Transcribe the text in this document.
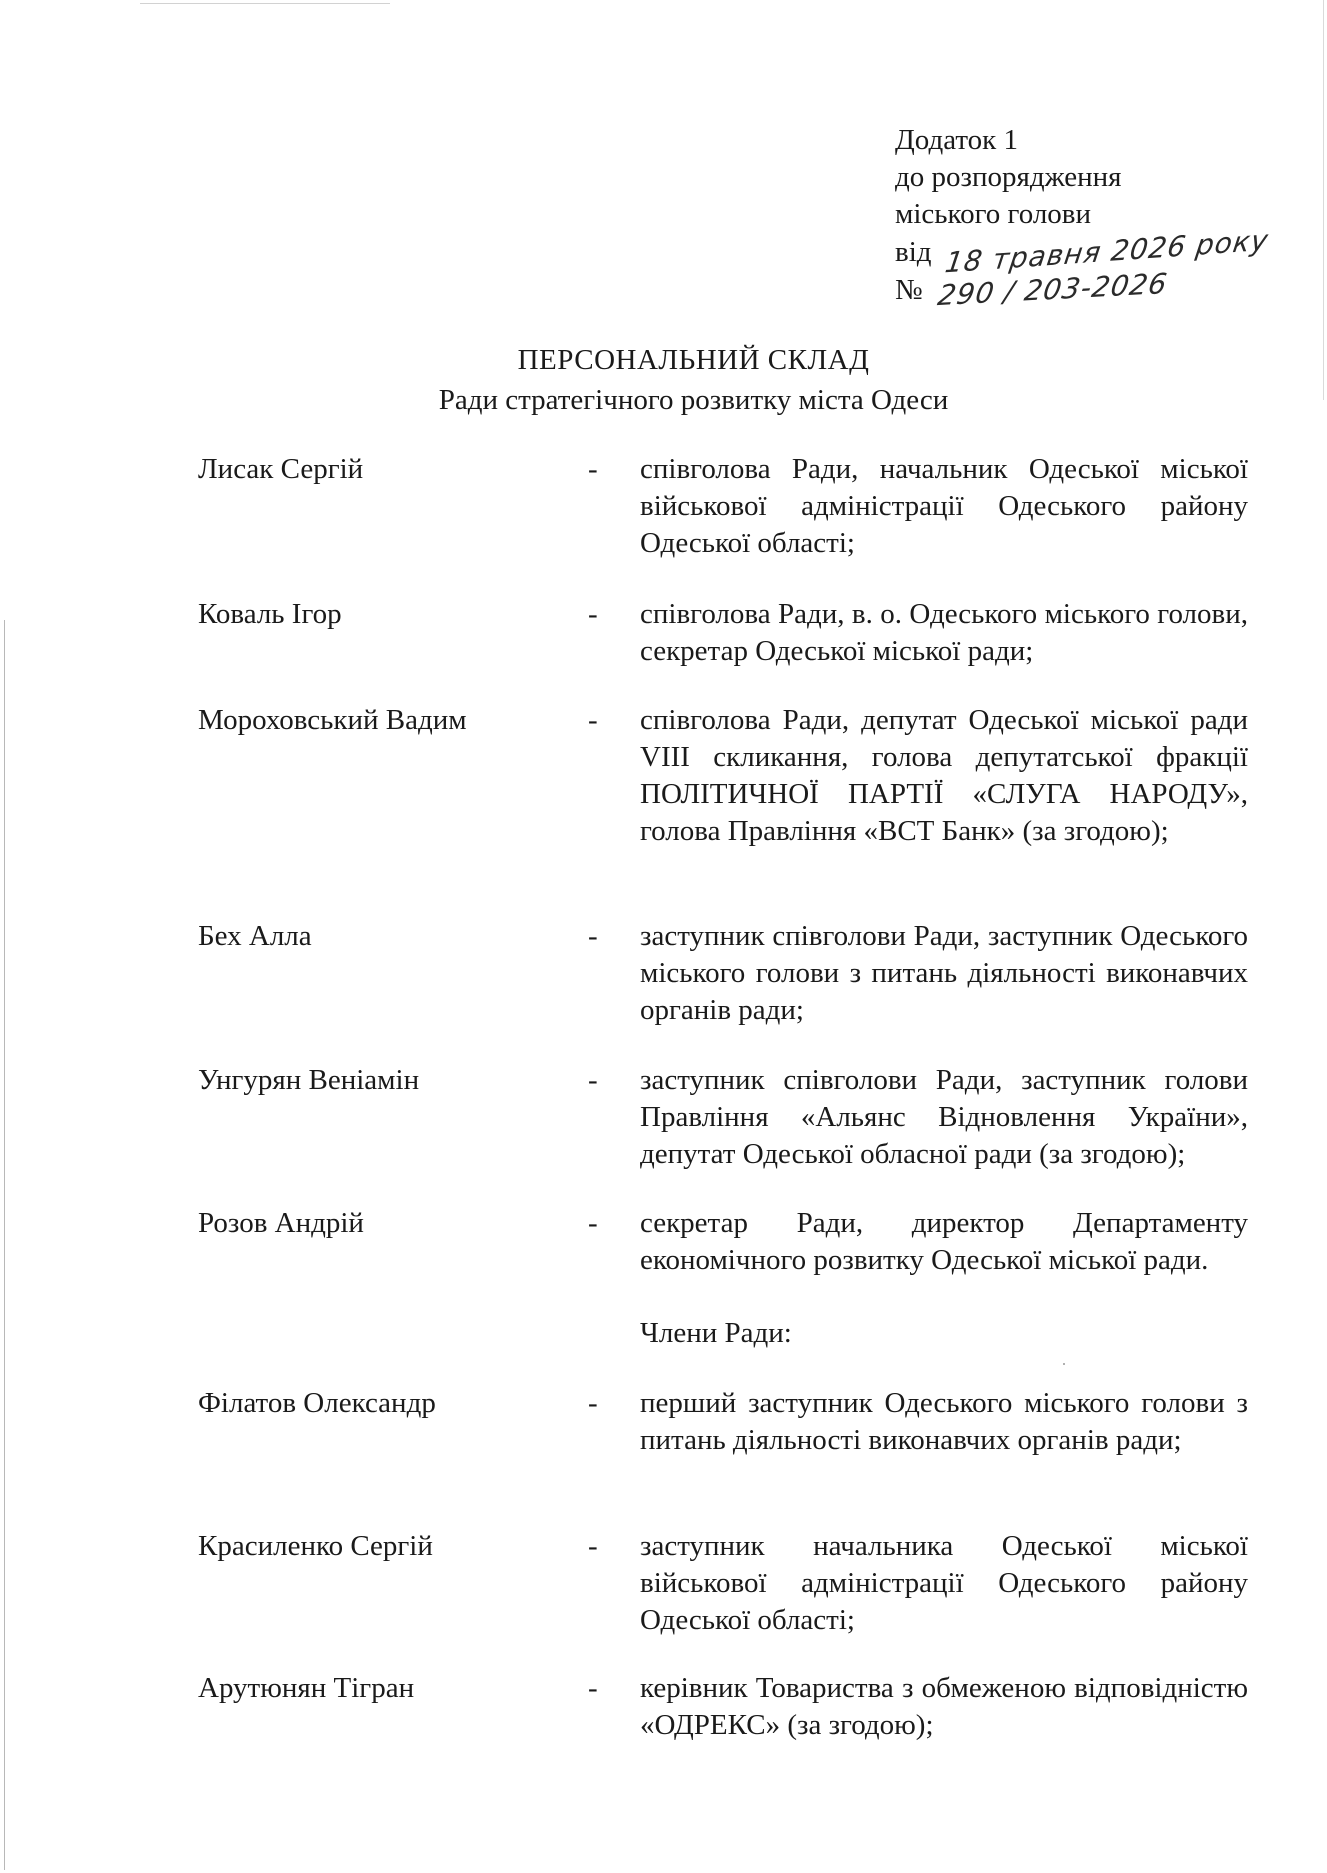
Додаток 1
до розпорядження
міського голови
від 18 травня 2026 року
№ 290 / 203-2026
ПЕРСОНАЛЬНИЙ СКЛАД
Ради стратегічного розвитку міста Одеси
Лисак Сергій	- співголова Ради, начальник Одеської міської військової адміністрації Одеського району Одеської області;
Коваль Ігор	- співголова Ради, в. о. Одеського міського голови, секретар Одеської міської ради;
Мороховський Вадим	- співголова Ради, депутат Одеської міської ради VIII скликання, голова депутатської фракції ПОЛІТИЧНОЇ ПАРТІЇ «СЛУГА НАРОДУ», голова Правління «ВСТ Банк» (за згодою);
Бех Алла	- заступник співголови Ради, заступник Одеського міського голови з питань діяльності виконавчих органів ради;
Унгурян Веніамін	- заступник співголови Ради, заступник голови Правління «Альянс Відновлення України», депутат Одеської обласної ради (за згодою);
Розов Андрій	- секретар Ради, директор Департаменту економічного розвитку Одеської міської ради.
Члени Ради:
Філатов Олександр	- перший заступник Одеського міського голови з питань діяльності виконавчих органів ради;
Красиленко Сергій	- заступник начальника Одеської міської військової адміністрації Одеського району Одеської області;
Арутюнян Тігран	- керівник Товариства з обмеженою відповідністю «ОДРЕКС» (за згодою);
